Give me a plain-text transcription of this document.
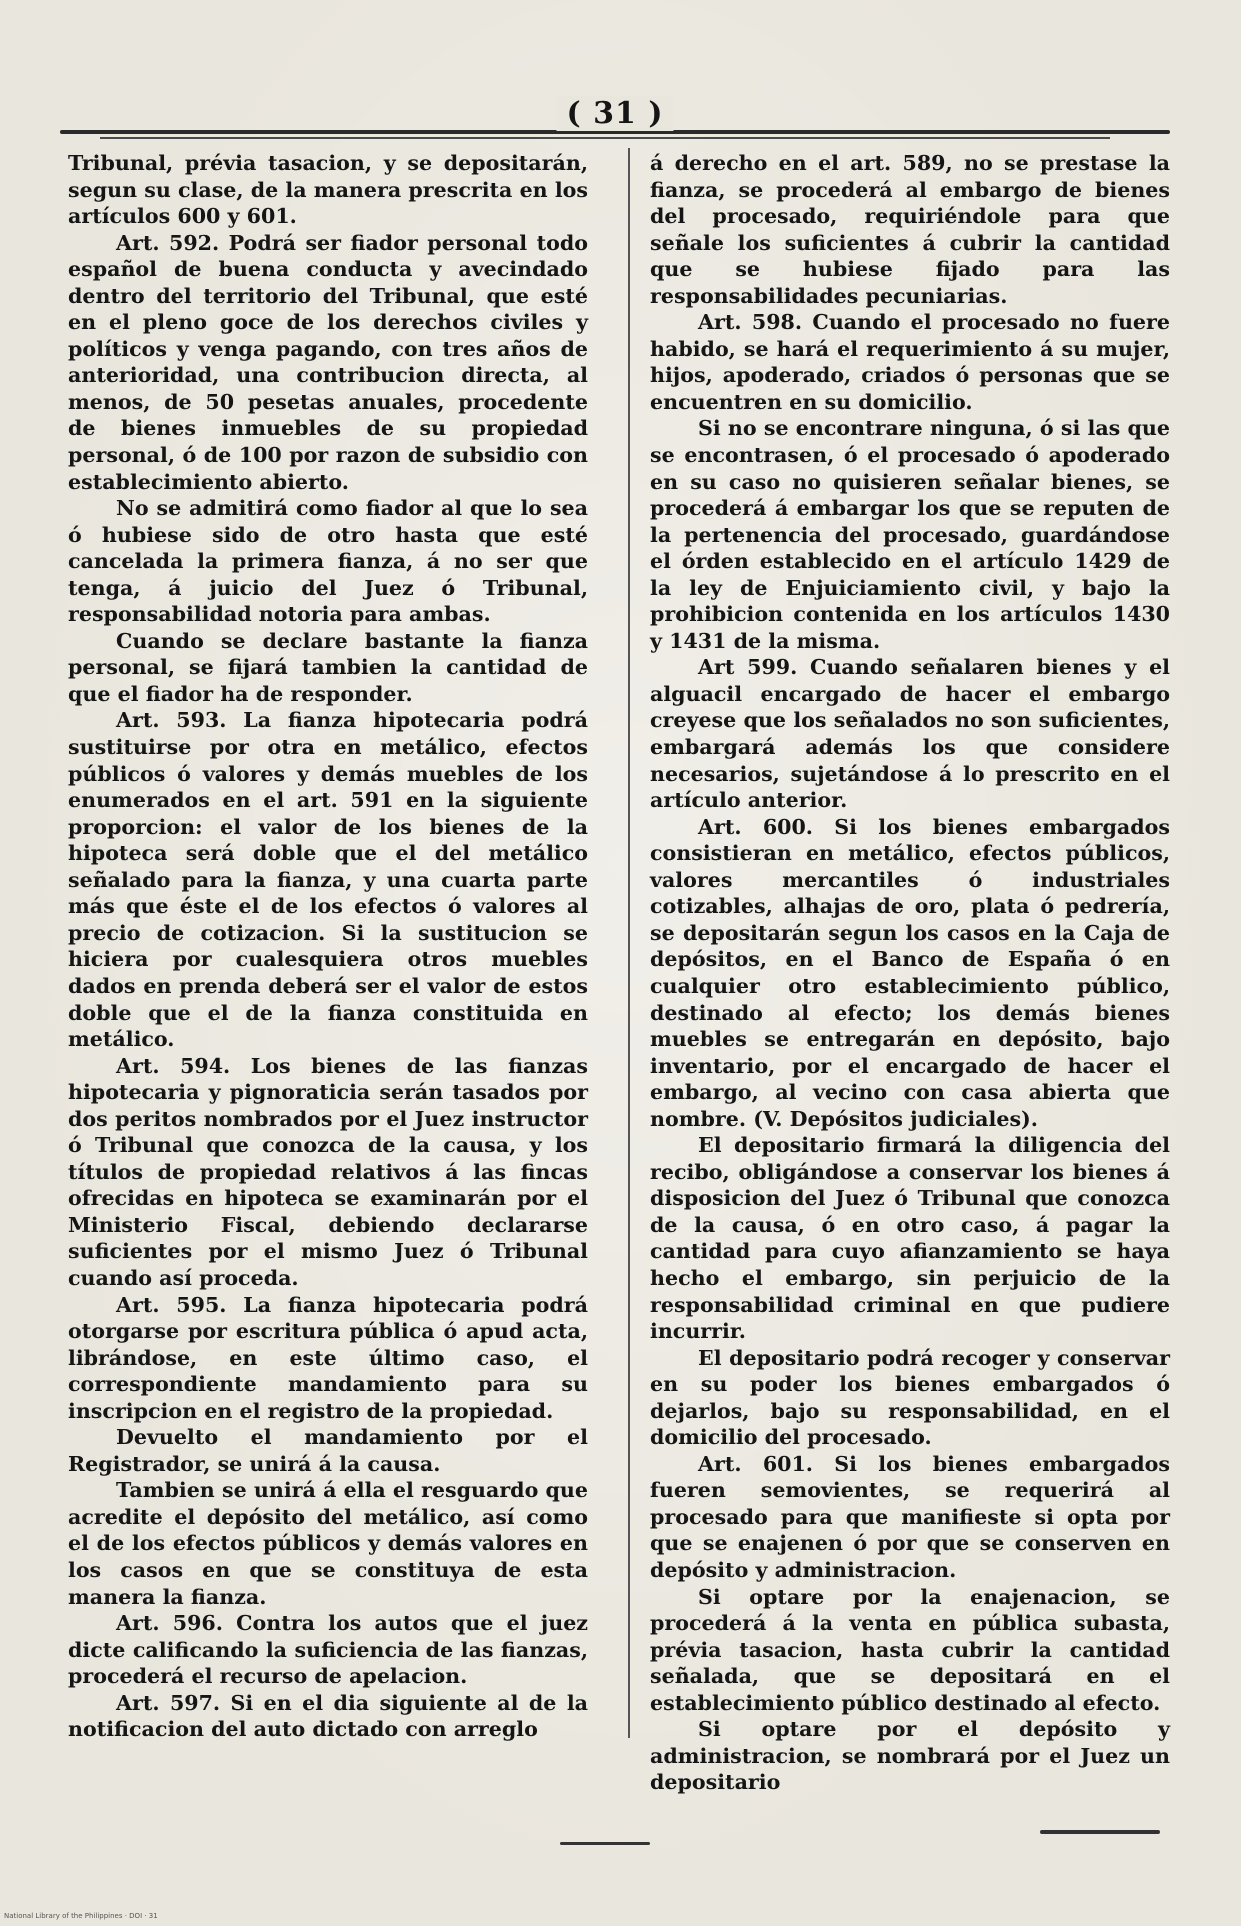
( 31 )

Tribunal, prévia tasacion, y se depositarán, segun su clase, de la manera prescrita en los artículos 600 y 601.

Art. 592. Podrá ser fiador personal todo español de buena conducta y avecindado dentro del territorio del Tribunal, que esté en el pleno goce de los derechos civiles y políticos y venga pagando, con tres años de anterioridad, una contribucion directa, al menos, de 50 pesetas anuales, procedente de bienes inmuebles de su propiedad personal, ó de 100 por razon de subsidio con establecimiento abierto.

No se admitirá como fiador al que lo sea ó hubiese sido de otro hasta que esté cancelada la primera fianza, á no ser que tenga, á juicio del Juez ó Tribunal, responsabilidad notoria para ambas.

Cuando se declare bastante la fianza personal, se fijará tambien la cantidad de que el fiador ha de responder.

Art. 593. La fianza hipotecaria podrá sustituirse por otra en metálico, efectos públicos ó valores y demás muebles de los enumerados en el art. 591 en la siguiente proporcion: el valor de los bienes de la hipoteca será doble que el del metálico señalado para la fianza, y una cuarta parte más que éste el de los efectos ó valores al precio de cotizacion. Si la sustitucion se hiciera por cualesquiera otros muebles dados en prenda deberá ser el valor de estos doble que el de la fianza constituida en metálico.

Art. 594. Los bienes de las fianzas hipotecaria y pignoraticia serán tasados por dos peritos nombrados por el Juez instructor ó Tribunal que conozca de la causa, y los títulos de propiedad relativos á las fincas ofrecidas en hipoteca se examinarán por el Ministerio Fiscal, debiendo declararse suficientes por el mismo Juez ó Tribunal cuando así proceda.

Art. 595. La fianza hipotecaria podrá otorgarse por escritura pública ó apud acta, librándose, en este último caso, el correspondiente mandamiento para su inscripcion en el registro de la propiedad.

Devuelto el mandamiento por el Registrador, se unirá á la causa.

Tambien se unirá á ella el resguardo que acredite el depósito del metálico, así como el de los efectos públicos y demás valores en los casos en que se constituya de esta manera la fianza.

Art. 596. Contra los autos que el juez dicte calificando la suficiencia de las fianzas, procederá el recurso de apelacion.

Art. 597. Si en el dia siguiente al de la notificacion del auto dictado con arreglo

á derecho en el art. 589, no se prestase la fianza, se procederá al embargo de bienes del procesado, requiriéndole para que señale los suficientes á cubrir la cantidad que se hubiese fijado para las responsabilidades pecuniarias.

Art. 598. Cuando el procesado no fuere habido, se hará el requerimiento á su mujer, hijos, apoderado, criados ó personas que se encuentren en su domicilio.

Si no se encontrare ninguna, ó si las que se encontrasen, ó el procesado ó apoderado en su caso no quisieren señalar bienes, se procederá á embargar los que se reputen de la pertenencia del procesado, guardándose el órden establecido en el artículo 1429 de la ley de Enjuiciamiento civil, y bajo la prohibicion contenida en los artículos 1430 y 1431 de la misma.

Art 599. Cuando señalaren bienes y el alguacil encargado de hacer el embargo creyese que los señalados no son suficientes, embargará además los que considere necesarios, sujetándose á lo prescrito en el artículo anterior.

Art. 600. Si los bienes embargados consistieran en metálico, efectos públicos, valores mercantiles ó industriales cotizables, alhajas de oro, plata ó pedrería, se depositarán segun los casos en la Caja de depósitos, en el Banco de España ó en cualquier otro establecimiento público, destinado al efecto; los demás bienes muebles se entregarán en depósito, bajo inventario, por el encargado de hacer el embargo, al vecino con casa abierta que nombre. (V. Depósitos judiciales).

El depositario firmará la diligencia del recibo, obligándose a conservar los bienes á disposicion del Juez ó Tribunal que conozca de la causa, ó en otro caso, á pagar la cantidad para cuyo afianzamiento se haya hecho el embargo, sin perjuicio de la responsabilidad criminal en que pudiere incurrir.

El depositario podrá recoger y conservar en su poder los bienes embargados ó dejarlos, bajo su responsabilidad, en el domicilio del procesado.

Art. 601. Si los bienes embargados fueren semovientes, se requerirá al procesado para que manifieste si opta por que se enajenen ó por que se conserven en depósito y administracion.

Si optare por la enajenacion, se procederá á la venta en pública subasta, prévia tasacion, hasta cubrir la cantidad señalada, que se depositará en el establecimiento público destinado al efecto.

Si optare por el depósito y administracion, se nombrará por el Juez un depositario

National Library of the Philippines · DOI · 31
